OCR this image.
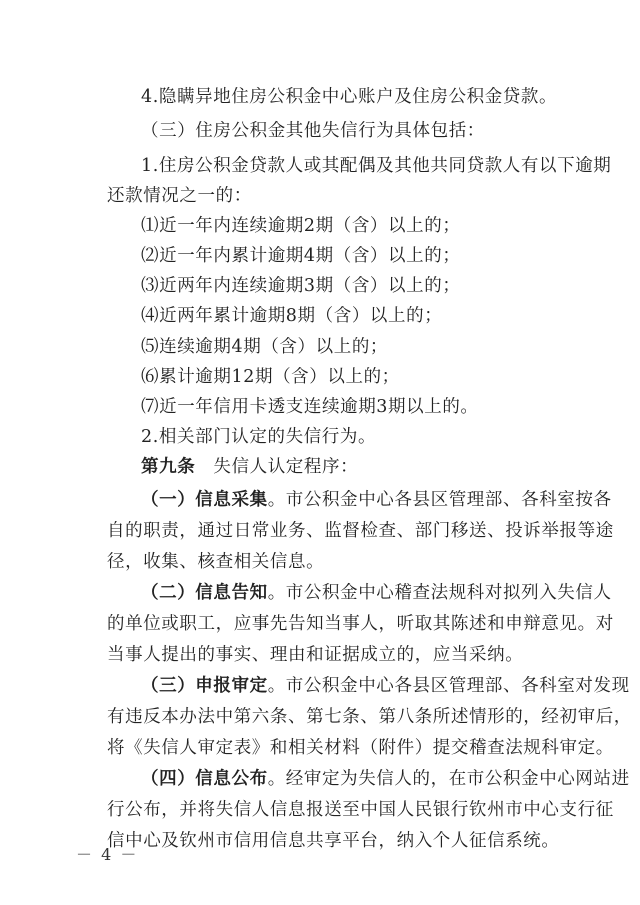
4.隐瞒异地住房公积金中心账户及住房公积金贷款。
（三）住房公积金其他失信行为具体包括：
1.住房公积金贷款人或其配偶及其他共同贷款人有以下逾期
还款情况之一的：
⑴近一年内连续逾期2期（含）以上的；
⑵近一年内累计逾期4期（含）以上的；
⑶近两年内连续逾期3期（含）以上的；
⑷近两年累计逾期8期（含）以上的；
⑸连续逾期4期（含）以上的；
⑹累计逾期12期（含）以上的；
⑺近一年信用卡透支连续逾期3期以上的。
2.相关部门认定的失信行为。
第九条　失信人认定程序：
（一）信息采集。市公积金中心各县区管理部、各科室按各
自的职责，通过日常业务、监督检查、部门移送、投诉举报等途
径，收集、核查相关信息。
（二）信息告知。市公积金中心稽查法规科对拟列入失信人
的单位或职工，应事先告知当事人，听取其陈述和申辩意见。对
当事人提出的事实、理由和证据成立的，应当采纳。
（三）申报审定。市公积金中心各县区管理部、各科室对发现
有违反本办法中第六条、第七条、第八条所述情形的，经初审后，
将《失信人审定表》和相关材料（附件）提交稽查法规科审定。
（四）信息公布。经审定为失信人的，在市公积金中心网站进
行公布，并将失信人信息报送至中国人民银行钦州市中心支行征
信中心及钦州市信用信息共享平台，纳入个人征信系统。
－ 4 －
